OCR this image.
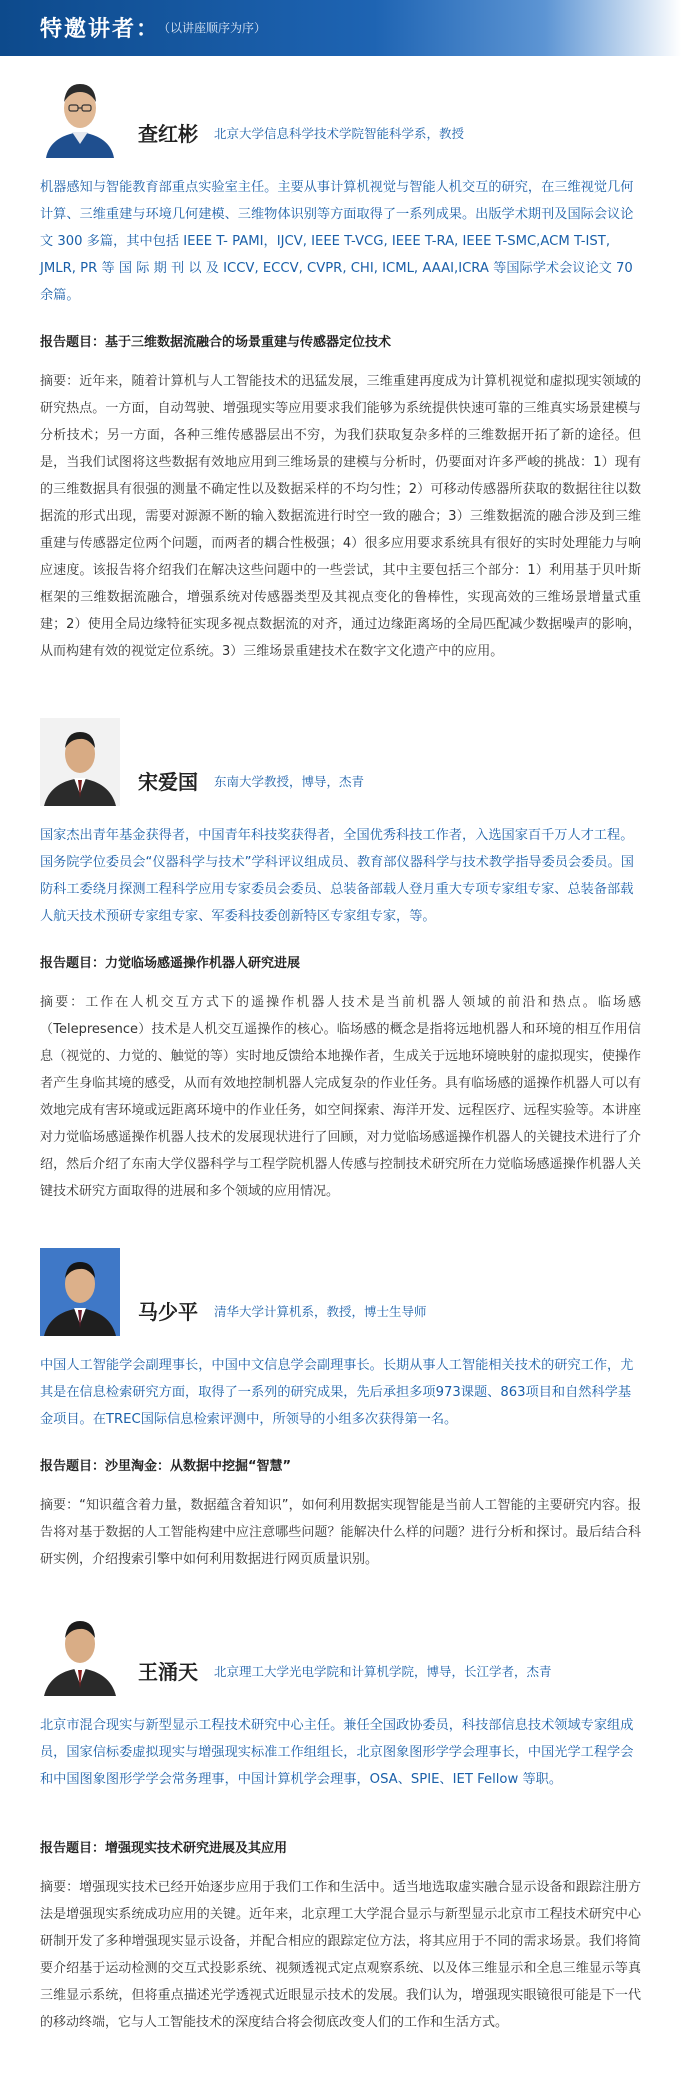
特邀讲者：
（以讲座顺序为序）
查红彬 北京大学信息科学技术学院智能科学系，教授
机器感知与智能教育部重点实验室主任。主要从事计算机视觉与智能人机交互的研究，在三维视觉几何计算、三维重建与环境几何建模、三维物体识别等方面取得了一系列成果。出版学术期刊及国际会议论文 300 多篇，其中包括 IEEE T- PAMI，IJCV, IEEE T-VCG, IEEE T-RA, IEEE T-SMC,ACM T-IST, JMLR, PR 等 国 际 期 刊 以 及 ICCV, ECCV, CVPR, CHI, ICML, AAAI,ICRA 等国际学术会议论文 70 余篇。
报告题目：基于三维数据流融合的场景重建与传感器定位技术
摘要：近年来，随着计算机与人工智能技术的迅猛发展，三维重建再度成为计算机视觉和虚拟现实领域的研究热点。一方面，自动驾驶、增强现实等应用要求我们能够为系统提供快速可靠的三维真实场景建模与分析技术；另一方面，各种三维传感器层出不穷，为我们获取复杂多样的三维数据开拓了新的途径。但是，当我们试图将这些数据有效地应用到三维场景的建模与分析时，仍要面对许多严峻的挑战：1）现有的三维数据具有很强的测量不确定性以及数据采样的不均匀性；2）可移动传感器所获取的数据往往以数据流的形式出现，需要对源源不断的输入数据流进行时空一致的融合；3）三维数据流的融合涉及到三维重建与传感器定位两个问题，而两者的耦合性极强；4）很多应用要求系统具有很好的实时处理能力与响应速度。该报告将介绍我们在解决这些问题中的一些尝试，其中主要包括三个部分：1）利用基于贝叶斯框架的三维数据流融合，增强系统对传感器类型及其视点变化的鲁棒性，实现高效的三维场景增量式重建；2）使用全局边缘特征实现多视点数据流的对齐，通过边缘距离场的全局匹配减少数据噪声的影响，从而构建有效的视觉定位系统。3）三维场景重建技术在数字文化遗产中的应用。
宋爱国 东南大学教授，博导，杰青
国家杰出青年基金获得者，中国青年科技奖获得者，全国优秀科技工作者，入选国家百千万人才工程。国务院学位委员会“仪器科学与技术”学科评议组成员、教育部仪器科学与技术教学指导委员会委员。国防科工委绕月探测工程科学应用专家委员会委员、总装备部载人登月重大专项专家组专家、总装备部载人航天技术预研专家组专家、军委科技委创新特区专家组专家，等。
报告题目：力觉临场感遥操作机器人研究进展
摘要：工作在人机交互方式下的遥操作机器人技术是当前机器人领域的前沿和热点。临场感（Telepresence）技术是人机交互遥操作的核心。临场感的概念是指将远地机器人和环境的相互作用信息（视觉的、力觉的、触觉的等）实时地反馈给本地操作者，生成关于远地环境映射的虚拟现实，使操作者产生身临其境的感受，从而有效地控制机器人完成复杂的作业任务。具有临场感的遥操作机器人可以有效地完成有害环境或远距离环境中的作业任务，如空间探索、海洋开发、远程医疗、远程实验等。本讲座对力觉临场感遥操作机器人技术的发展现状进行了回顾，对力觉临场感遥操作机器人的关键技术进行了介绍，然后介绍了东南大学仪器科学与工程学院机器人传感与控制技术研究所在力觉临场感遥操作机器人关键技术研究方面取得的进展和多个领域的应用情况。
马少平 清华大学计算机系，教授，博士生导师
中国人工智能学会副理事长，中国中文信息学会副理事长。长期从事人工智能相关技术的研究工作，尤其是在信息检索研究方面，取得了一系列的研究成果，先后承担多项973课题、863项目和自然科学基金项目。在TREC国际信息检索评测中，所领导的小组多次获得第一名。
报告题目：沙里淘金：从数据中挖掘“智慧”
摘要：“知识蕴含着力量，数据蕴含着知识”，如何利用数据实现智能是当前人工智能的主要研究内容。报告将对基于数据的人工智能构建中应注意哪些问题？能解决什么样的问题？进行分析和探讨。最后结合科研实例，介绍搜索引擎中如何利用数据进行网页质量识别。
王涌天 北京理工大学光电学院和计算机学院，博导，长江学者，杰青
北京市混合现实与新型显示工程技术研究中心主任。兼任全国政协委员，科技部信息技术领域专家组成员，国家信标委虚拟现实与增强现实标准工作组组长，北京图象图形学学会理事长，中国光学工程学会和中国图象图形学学会常务理事，中国计算机学会理事，OSA、SPIE、IET Fellow 等职。
报告题目：增强现实技术研究进展及其应用
摘要：增强现实技术已经开始逐步应用于我们工作和生活中。适当地选取虚实融合显示设备和跟踪注册方法是增强现实系统成功应用的关键。近年来，北京理工大学混合显示与新型显示北京市工程技术研究中心研制开发了多种增强现实显示设备，并配合相应的跟踪定位方法，将其应用于不同的需求场景。我们将简要介绍基于运动检测的交互式投影系统、视频透视式定点观察系统、以及体三维显示和全息三维显示等真三维显示系统，但将重点描述光学透视式近眼显示技术的发展。我们认为，增强现实眼镜很可能是下一代的移动终端，它与人工智能技术的深度结合将会彻底改变人们的工作和生活方式。
